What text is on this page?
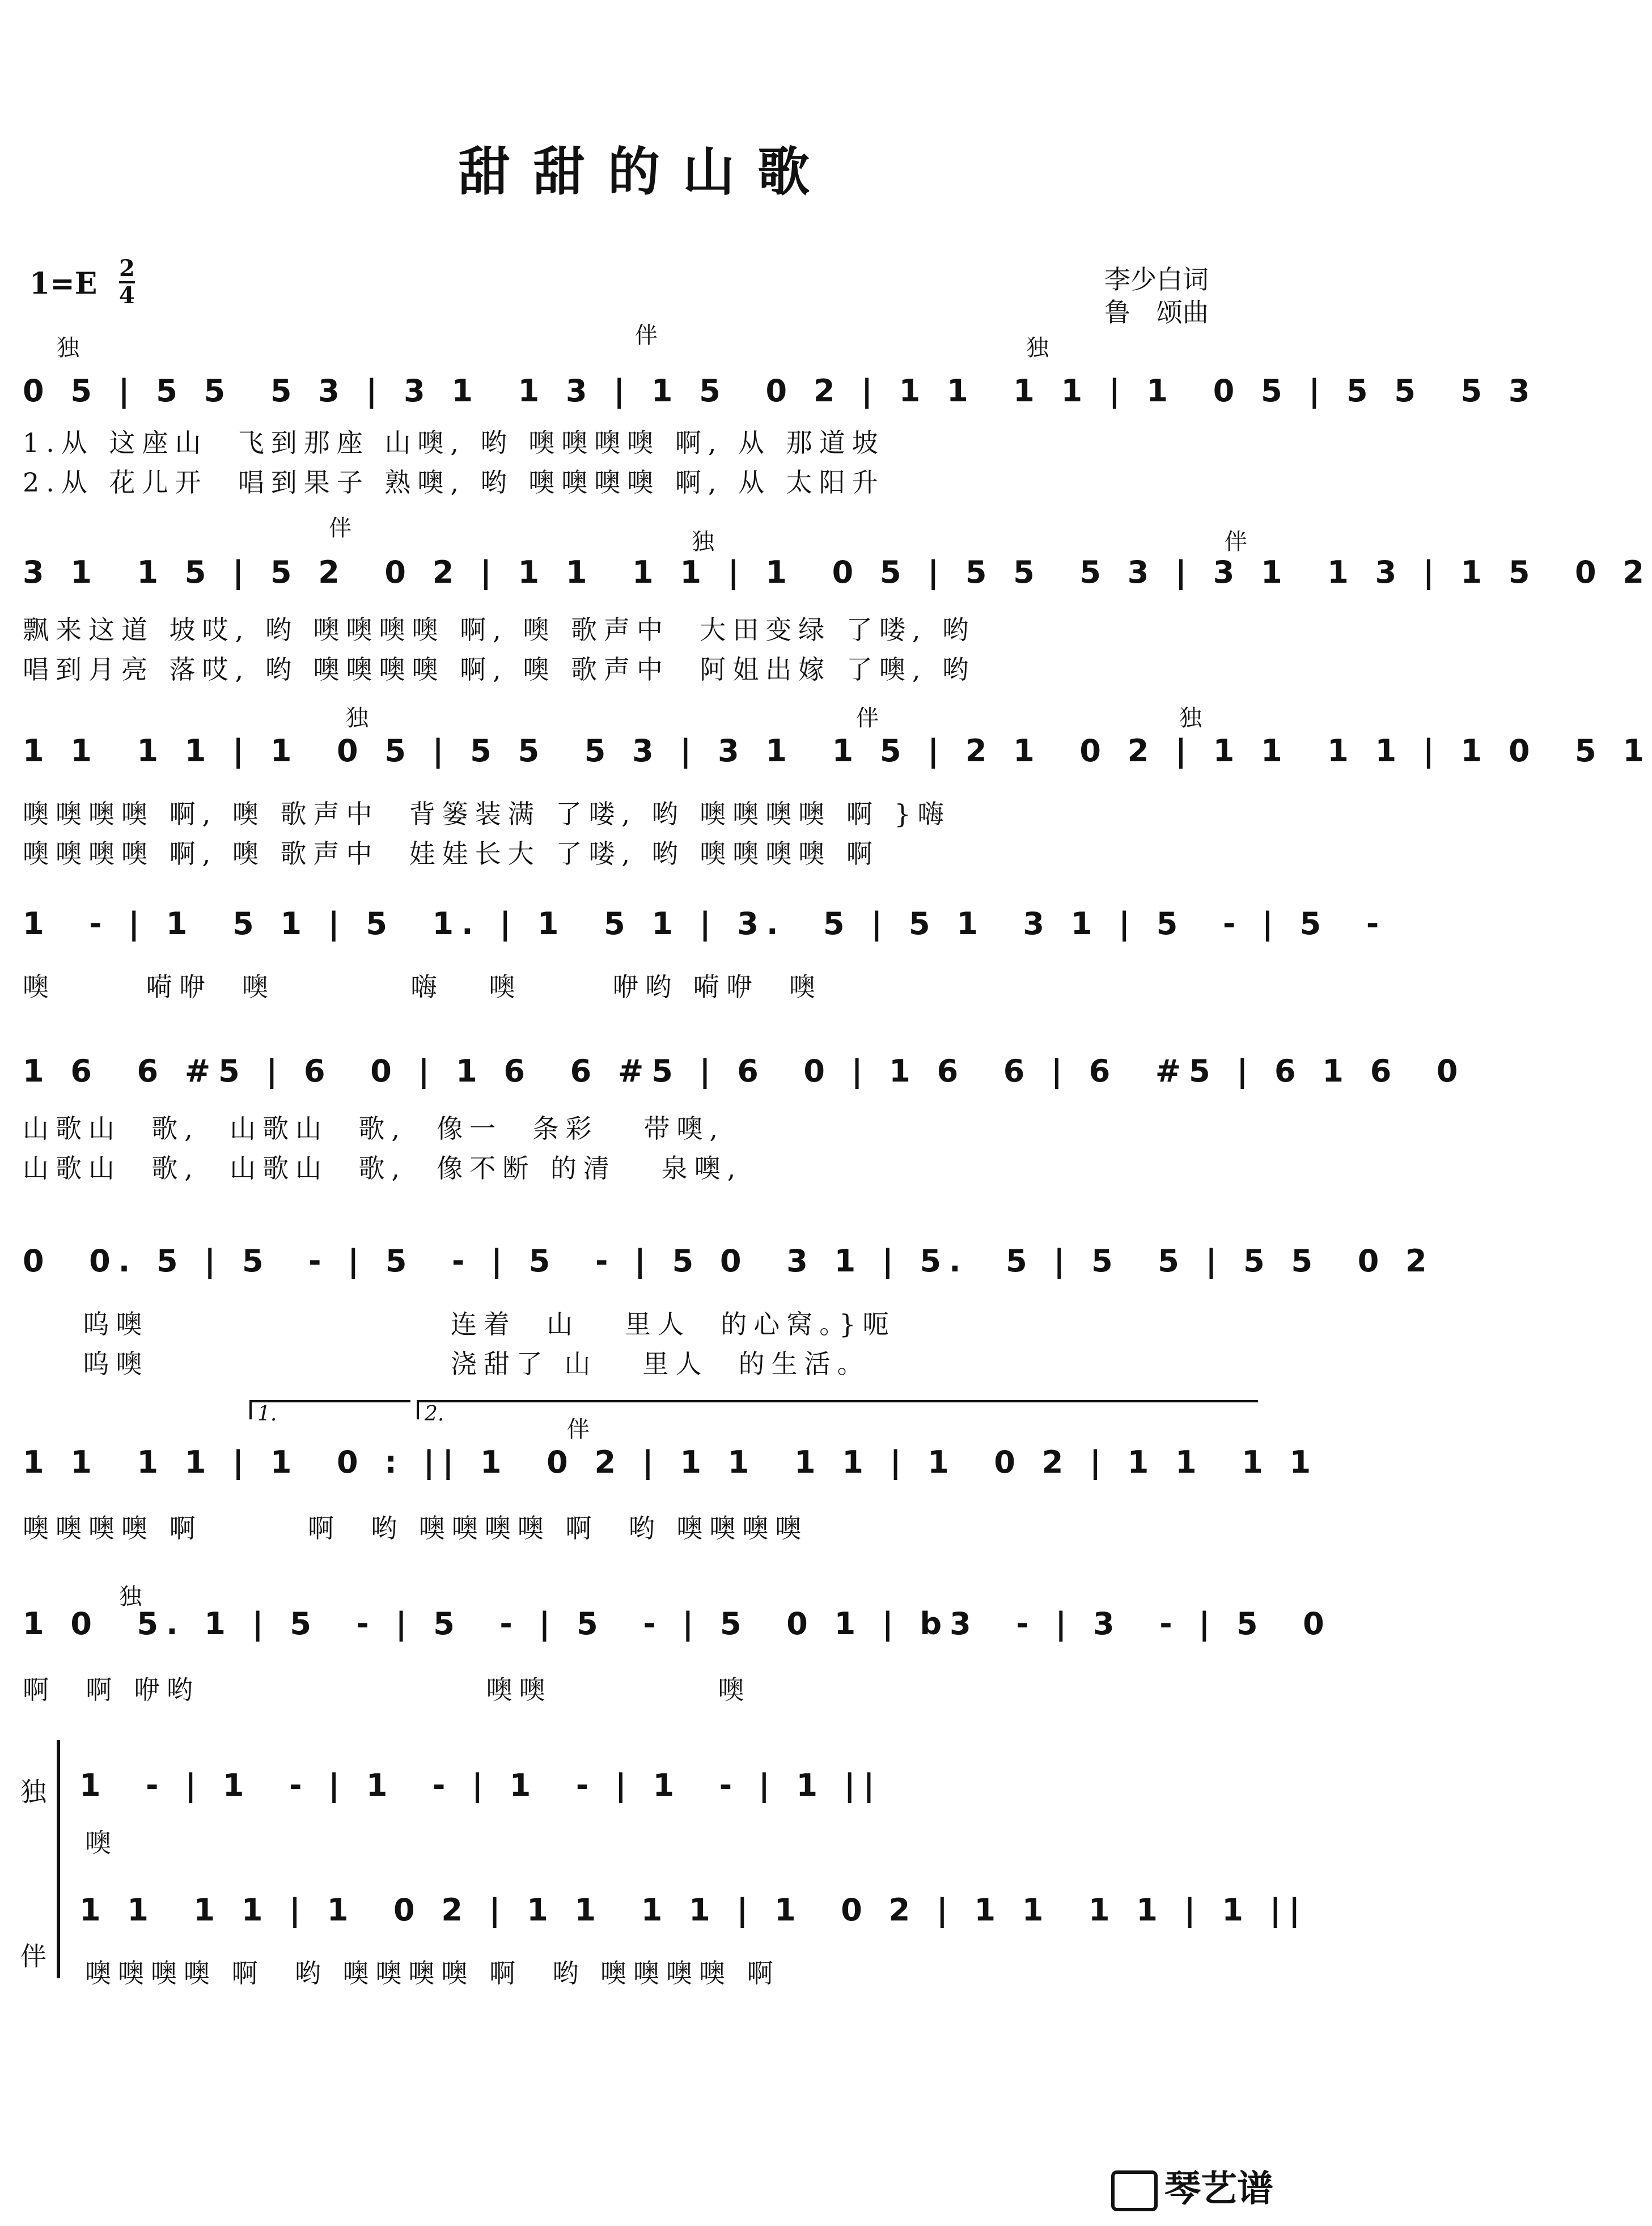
甜甜的山歌
1=E 2
4
李少白词
鲁　颂曲
独	伴	独
0 5 | 5 5  5 3 | 3 1  1 3 | 1 5  0 2 | 1 1  1 1 | 1  0 5 | 5 5  5 3
1.从 这座山  飞到那座 山噢, 哟 噢噢噢噢 啊, 从 那道坡
2.从 花儿开  唱到果子 熟噢, 哟 噢噢噢噢 啊, 从 太阳升
伴
独	伴
3 1  1 5 | 5 2  0 2 | 1 1  1 1 | 1  0 5 | 5 5  5 3 | 3 1  1 3 | 1 5  0 2
飘来这道 坡哎, 哟 噢噢噢噢 啊, 噢 歌声中  大田变绿 了喽, 哟
唱到月亮 落哎, 哟 噢噢噢噢 啊, 噢 歌声中  阿姐出嫁 了噢, 哟
独	伴	独
1 1  1 1 | 1  0 5 | 5 5  5 3 | 3 1  1 5 | 2 1  0 2 | 1 1  1 1 | 1 0  5 1
噢噢噢噢 啊, 噢 歌声中  背篓装满 了喽, 哟 噢噢噢噢 啊 }嗨
噢噢噢噢 啊, 噢 歌声中  娃娃长大 了喽, 哟 噢噢噢噢 啊
1  - | 1  5 1 | 5  1. | 1  5 1 | 3.  5 | 5 1  3 1 | 5  - | 5  -
噢      嗬咿  噢         嗨   噢      咿哟 嗬咿  噢
1 6  6 #5 | 6  0 | 1 6  6 #5 | 6  0 | 1 6  6 | 6  #5 | 6 1 6  0
山歌山  歌,  山歌山  歌,  像一  条彩   带噢,
山歌山  歌,  山歌山  歌,  像不断 的清   泉噢,
0  0. 5 | 5  - | 5  - | 5  - | 5 0  3 1 | 5.  5 | 5  5 | 5 5  0 2
呜噢                    连着  山   里人  的心窝。}呃
呜噢                    浇甜了 山   里人  的生活。
1.	2.
伴
1 1  1 1 | 1  0 : || 1  0 2 | 1 1  1 1 | 1  0 2 | 1 1  1 1
噢噢噢噢 啊       啊  哟 噢噢噢噢 啊  哟 噢噢噢噢
独
1 0  5. 1 | 5  - | 5  - | 5  - | 5  0 1 | b3  - | 3  - | 5  0
啊  啊 咿哟                   噢噢           噢
独
伴
1  - | 1  - | 1  - | 1  - | 1  - | 1 ||
噢
1 1  1 1 | 1  0 2 | 1 1  1 1 | 1  0 2 | 1 1  1 1 | 1 ||
噢噢噢噢 啊  哟 噢噢噢噢 啊  哟 噢噢噢噢 啊
琴艺谱
